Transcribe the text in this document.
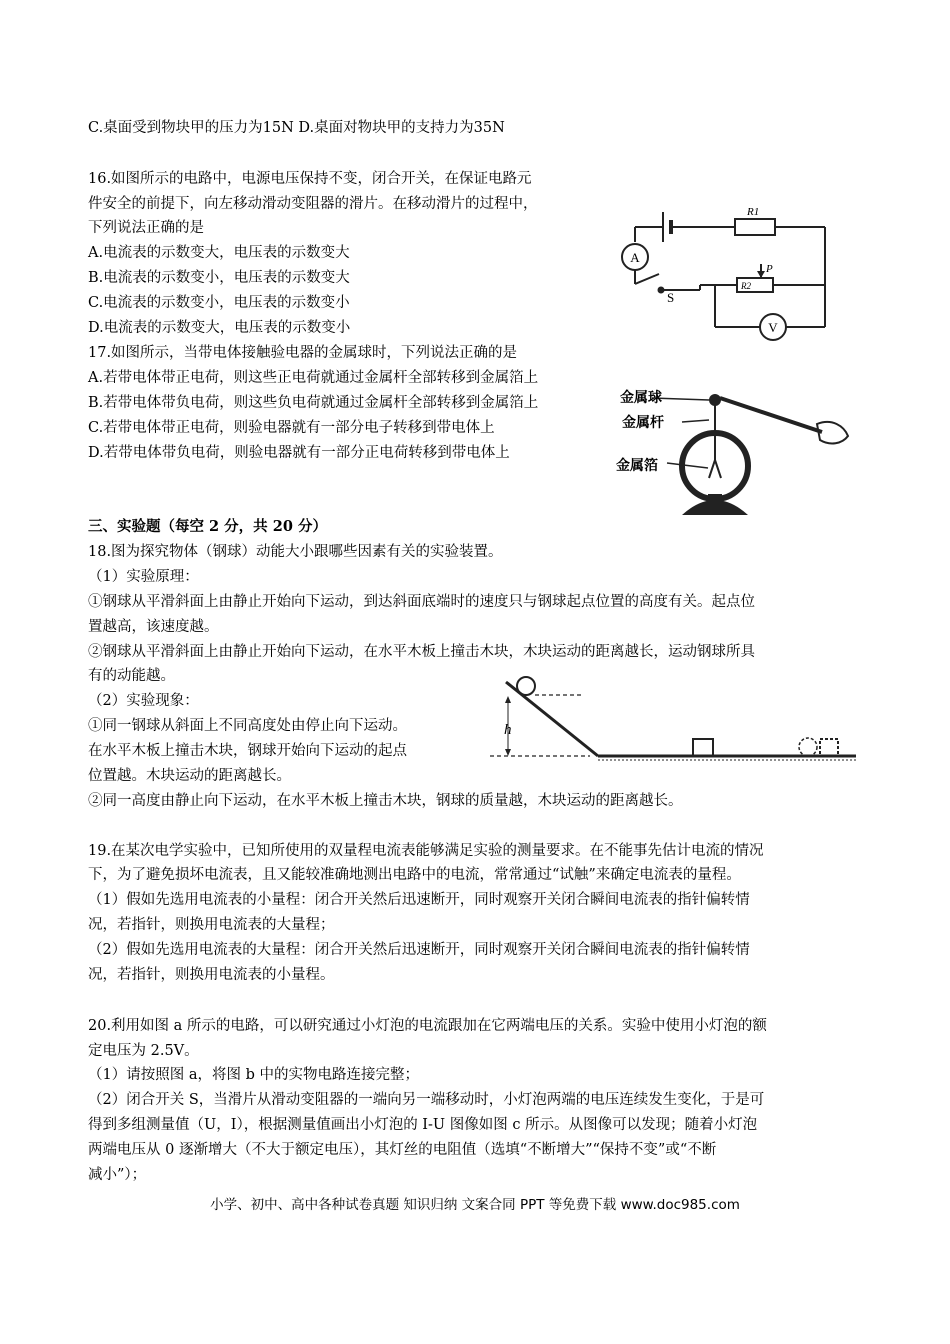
C.桌面受到物块甲的压力为15N D.桌面对物块甲的支持力为35N
16.如图所示的电路中，电源电压保持不变，闭合开关，在保证电路元
件安全的前提下，向左移动滑动变阻器的滑片。在移动滑片的过程中，
下列说法正确的是
A.电流表的示数变大，电压表的示数变大
B.电流表的示数变小，电压表的示数变大
C.电流表的示数变小，电压表的示数变小
D.电流表的示数变大，电压表的示数变小
A
V
S
R1
R2
P
17.如图所示，当带电体接触验电器的金属球时，下列说法正确的是
A.若带电体带正电荷，则这些正电荷就通过金属杆全部转移到金属箔上
B.若带电体带负电荷，则这些负电荷就通过金属杆全部转移到金属箔上
C.若带电体带正电荷，则验电器就有一部分电子转移到带电体上
D.若带电体带负电荷，则验电器就有一部分正电荷转移到带电体上
金属球
金属杆
金属箔
三、实验题（每空 2 分，共 20 分）
18.图为探究物体（钢球）动能大小跟哪些因素有关的实验装置。
（1）实验原理：
①钢球从平滑斜面上由静止开始向下运动，到达斜面底端时的速度只与钢球起点位置的高度有关。起点位
置越高，该速度越。
②钢球从平滑斜面上由静止开始向下运动，在水平木板上撞击木块，木块运动的距离越长，运动钢球所具
有的动能越。
（2）实验现象：
①同一钢球从斜面上不同高度处由停止向下运动。
在水平木板上撞击木块，钢球开始向下运动的起点
位置越。木块运动的距离越长。
②同一高度由静止向下运动，在水平木板上撞击木块，钢球的质量越，木块运动的距离越长。
h
19.在某次电学实验中，已知所使用的双量程电流表能够满足实验的测量要求。在不能事先估计电流的情况
下，为了避免损坏电流表，且又能较准确地测出电路中的电流，常常通过“试触”来确定电流表的量程。
（1）假如先选用电流表的小量程：闭合开关然后迅速断开，同时观察开关闭合瞬间电流表的指针偏转情
况，若指针，则换用电流表的大量程；
（2）假如先选用电流表的大量程：闭合开关然后迅速断开，同时观察开关闭合瞬间电流表的指针偏转情
况，若指针，则换用电流表的小量程。
20.利用如图 a 所示的电路，可以研究通过小灯泡的电流跟加在它两端电压的关系。实验中使用小灯泡的额
定电压为 2.5V。
（1）请按照图 a，将图 b 中的实物电路连接完整；
（2）闭合开关 S，当滑片从滑动变阻器的一端向另一端移动时，小灯泡两端的电压连续发生变化，于是可
得到多组测量值（U，I），根据测量值画出小灯泡的 I-U 图像如图 c 所示。从图像可以发现；随着小灯泡
两端电压从 0 逐渐增大（不大于额定电压），其灯丝的电阻值（选填“不断增大”“保持不变”或“不断
减小”）；
小学、初中、高中各种试卷真题 知识归纳 文案合同 PPT 等免费下载 www.doc985.com
